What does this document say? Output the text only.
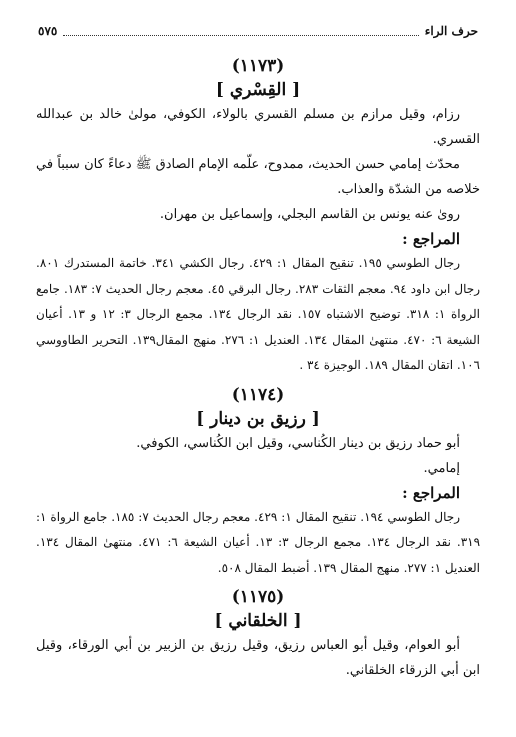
حرف الراء
٥٧٥
(١١٧٣)
[ القِسْري ]

رزام، وقيل مرازم بن مسلم القسري بالولاء، الكوفي، مولىٰ خالد بن عبدالله القسري.

محدّث إمامي حسن الحديث، ممدوح، علّمه الإمام الصادق ﷺ دعاءً كان سبباً في خلاصه من الشدّة والعذاب.

روىٰ عنه يونس بن القاسم البجلي، وإسماعيل بن مهران.

المراجع :

رجال الطوسي ١٩٥. تنقيح المقال ١: ٤٢٩. رجال الكشي ٣٤١. خاتمة المستدرك ٨٠١. رجال ابن داود ٩٤. معجم الثقات ٢٨٣. رجال البرقي ٤٥. معجم رجال الحديث ٧: ١٨٣. جامع الرواة ١: ٣١٨. توضيح الاشتباه ١٥٧. نقد الرجال ١٣٤. مجمع الرجال ٣: ١٢ و ١٣. أعيان الشيعة ٦: ٤٧٠. منتهىٰ المقال ١٣٤. العنديل ١: ٢٧٦. منهج المقال١٣٩. التحرير الطاووسي ١٠٦. اتقان المقال ١٨٩. الوجيزة ٣٤ .

(١١٧٤)
[ رزيق بن دينار ]

أبو حماد رزيق بن دينار الكُناسي، وقيل ابن الكُناسي، الكوفي.

إمامي.

المراجع :

رجال الطوسي ١٩٤. تنقيح المقال ١: ٤٢٩. معجم رجال الحديث ٧: ١٨٥. جامع الرواة ١: ٣١٩. نقد الرجال ١٣٤. مجمع الرجال ٣: ١٣. أعيان الشيعة ٦: ٤٧١. منتهىٰ المقال ١٣٤. العنديل ١: ٢٧٧. منهج المقال ١٣٩. أضبط المقال ٥٠٨.

(١١٧٥)
[ الخلقاني ]

أبو العوام، وقيل أبو العباس رزيق، وقيل رزيق بن الزبير بن أبي الورقاء، وقيل ابن أبي الزرقاء الخلقاني.
